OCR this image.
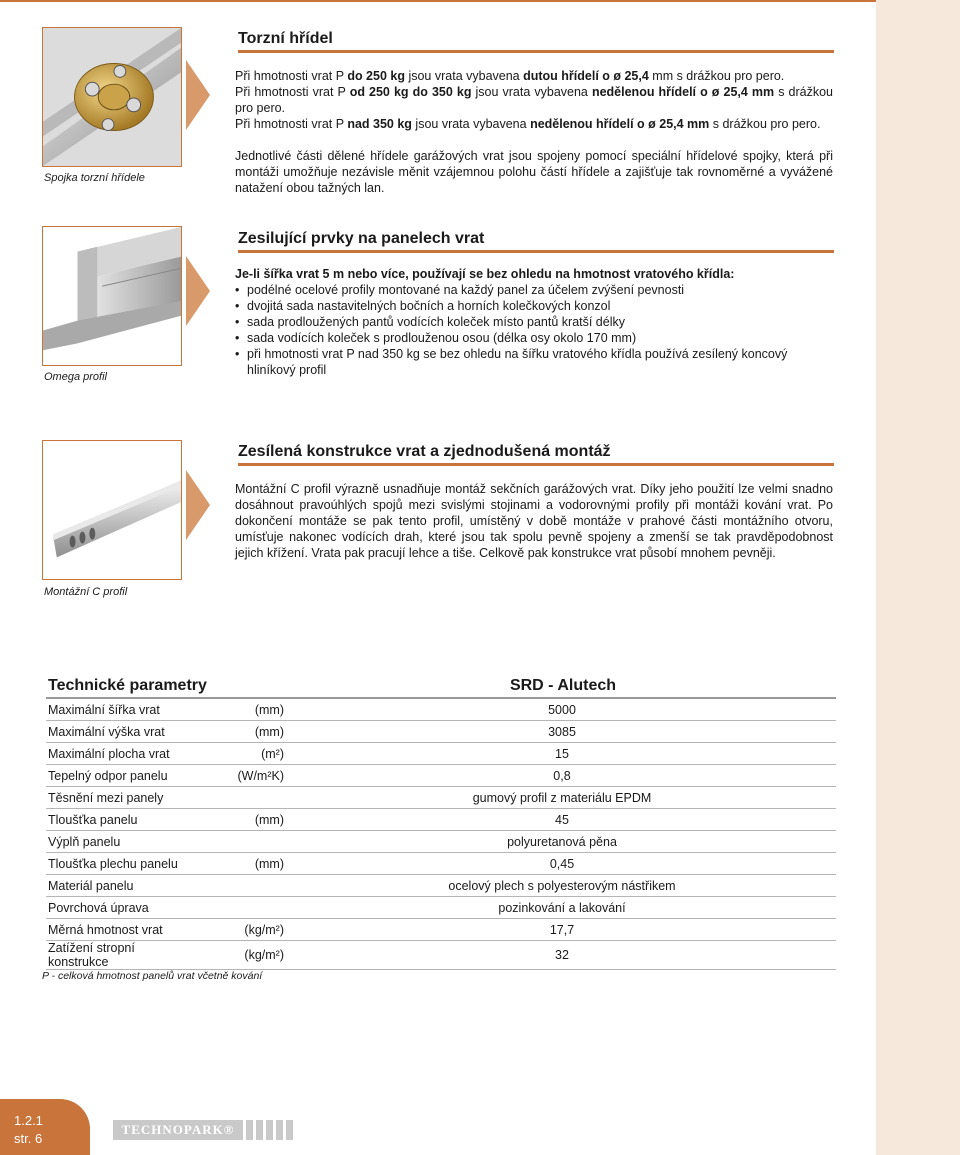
Spojka torzní hřídele
Torzní hřídel

Při hmotnosti vrat P do 250 kg jsou vrata vybavena dutou hřídelí o ø 25,4 mm s drážkou pro pero.
Při hmotnosti vrat P od 250 kg do 350 kg jsou vrata vybavena nedělenou hřídelí o ø 25,4 mm s drážkou pro pero.
Při hmotnosti vrat P nad 350 kg jsou vrata vybavena nedělenou hřídelí o ø 25,4 mm s drážkou pro pero.

Jednotlivé části dělené hřídele garážových vrat jsou spojeny pomocí speciální hřídelové spojky, která při montáži umožňuje nezávisle měnit vzájemnou polohu částí hřídele a zajišťuje tak rovnoměrné a vyvážené natažení obou tažných lan.

Omega profil
Zesilující prvky na panelech vrat

Je-li šířka vrat 5 m nebo více, používají se bez ohledu na hmotnost vratového křídla:

• podélné ocelové profily montované na každý panel za účelem zvýšení pevnosti
• dvojitá sada nastavitelných bočních a horních kolečkových konzol
• sada prodloužených pantů vodících koleček místo pantů kratší délky
• sada vodících koleček s prodlouženou osou (délka osy okolo 170 mm)
• při hmotnosti vrat P nad 350 kg se bez ohledu na šířku vratového křídla používá zesílený koncový hliníkový profil
Montážní C profil
Zesílená konstrukce vrat a zjednodušená montáž

Montážní C profil výrazně usnadňuje montáž sekčních garážových vrat. Díky jeho použití lze velmi snadno dosáhnout pravoúhlých spojů mezi svislými stojinami a vodorovnými profily při montáži kování vrat. Po dokončení montáže se pak tento profil, umístěný v době montáže v prahové části montážního otvoru, umísťuje nakonec vodících drah, které jsou tak spolu pevně spojeny a zmenší se tak pravděpodobnost jejich křížení. Vrata pak pracují lehce a tiše. Celkově pak konstrukce vrat působí mnohem pevněji.

Technické parametry		SRD - Alutech
Maximální šířka vrat	(mm)	5000
Maximální výška vrat	(mm)	3085
Maximální plocha vrat	(m²)	15
Tepelný odpor panelu	(W/m²K)	0,8
Těsnění mezi panely		gumový profil z materiálu EPDM
Tloušťka panelu	(mm)	45
Výplň panelu		polyuretanová pěna
Tloušťka plechu panelu	(mm)	0,45
Materiál panelu		ocelový plech s polyesterovým nástřikem
Povrchová úprava		pozinkování a lakování
Měrná hmotnost vrat	(kg/m²)	17,7
Zatížení stropní konstrukce	(kg/m²)	32
P - celková hmotnost panelů vrat včetně kování
1.2.1
str. 6
TECHNOPARK®
